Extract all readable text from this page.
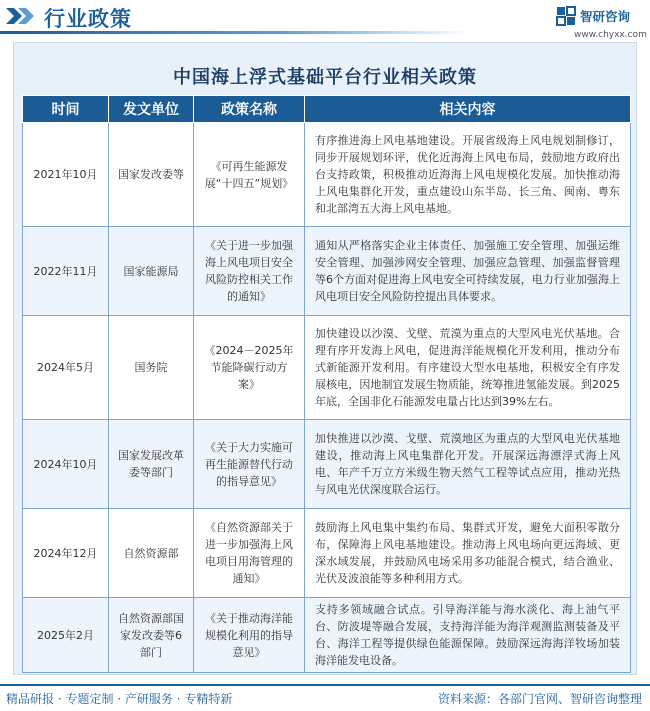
行业政策	智研咨询
www.chyxx.com
中国海上浮式基础平台行业相关政策
时间	发文单位	政策名称	相关内容
2021年10月	国家发改委等	《可再生能源发展“十四五”规划》	有序推进海上风电基地建设。开展省级海上风电规划制修订，同步开展规划环评，优化近海海上风电布局，鼓励地方政府出台支持政策，积极推动近海海上风电规模化发展。加快推动海上风电集群化开发，重点建设山东半岛、长三角、闽南、粤东和北部湾五大海上风电基地。
2022年11月	国家能源局	《关于进一步加强海上风电项目安全风险防控相关工作的通知》	通知从严格落实企业主体责任、加强施工安全管理、加强运维安全管理、加强涉网安全管理、加强应急管理、加强监督管理等6个方面对促进海上风电安全可持续发展，电力行业加强海上风电项目安全风险防控提出具体要求。
2024年5月	国务院	《2024－2025年节能降碳行动方案》	加快建设以沙漠、戈壁、荒漠为重点的大型风电光伏基地。合理有序开发海上风电，促进海洋能规模化开发利用，推动分布式新能源开发利用。有序建设大型水电基地，积极安全有序发展核电，因地制宜发展生物质能，统筹推进氢能发展。到2025年底，全国非化石能源发电量占比达到39%左右。
2024年10月	国家发展改革委等部门	《关于大力实施可再生能源替代行动的指导意见》	加快推进以沙漠、戈壁、荒漠地区为重点的大型风电光伏基地建设，推动海上风电集群化开发。开展深远海漂浮式海上风电、年产千万立方米级生物天然气工程等试点应用，推动光热与风电光伏深度联合运行。
2024年12月	自然资源部	《自然资源部关于进一步加强海上风电项目用海管理的通知》	鼓励海上风电集中集约布局、集群式开发，避免大面积零散分布，保障海上风电基地建设。推动海上风电场向更远海域、更深水域发展，并鼓励风电场采用多功能混合模式，结合渔业、光伏及波浪能等多种利用方式。
2025年2月	自然资源部国家发改委等6部门	《关于推动海洋能规模化利用的指导意见》	支持多领域融合试点。引导海洋能与海水淡化、海上油气平台、防波堤等融合发展，支持海洋能为海洋观测监测装备及平台、海洋工程等提供绿色能源保障。鼓励深远海海洋牧场加装海洋能发电设备。
精品研报 · 专题定制 · 产研服务 · 专精特新	资料来源：各部门官网、智研咨询整理
